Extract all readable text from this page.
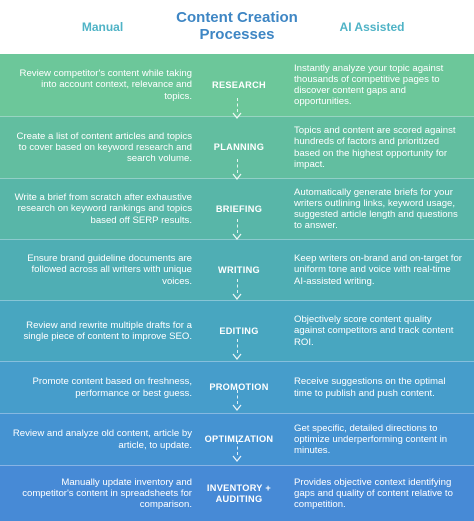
Manual
Content Creation Processes	AI Assisted
Review competitor's content while taking into account context, relevance and topics.
RESEARCH
Instantly analyze your topic against thousands of competitive pages to discover content gaps and opportunities.
Create a list of content articles and topics to cover based on keyword research and search volume.
PLANNING
Topics and content are scored against hundreds of factors and prioritized based on the highest opportunity for impact.
Write a brief from scratch after exhaustive research on keyword rankings and topics based off SERP results.
BRIEFING
Automatically generate briefs for your writers outlining links, keyword usage, suggested article length and questions to answer.
Ensure brand guideline documents are followed across all writers with unique voices.
WRITING
Keep writers on-brand and on-target for uniform tone and voice with real-time AI-assisted writing.
Review and rewrite multiple drafts for a single piece of content to improve SEO.
EDITING
Objectively score content quality against competitors and track content ROI.
Promote content based on freshness, performance or best guess.
PROMOTION	Receive suggestions on the optimal time to publish and push content.
Review and analyze old content, article by article, to update.
OPTIMIZATION
Get specific, detailed directions to optimize underperforming content in minutes.
Manually update inventory and competitor's content in spreadsheets for comparison.
INVENTORY + AUDITING
Provides objective context identifying gaps and quality of content relative to competition.
